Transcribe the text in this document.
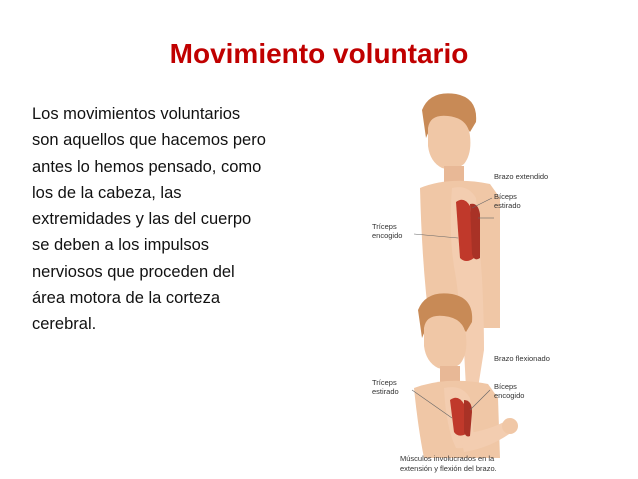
Movimiento voluntario
Los movimientos voluntarios
son aquellos que hacemos pero
antes lo hemos pensado, como
los de la cabeza, las
extremidades y las del cuerpo
se deben a los impulsos
nerviosos que proceden del
área motora de la corteza
cerebral.
Brazo extendido
Bíceps
estirado
Tríceps
encogido
Brazo flexionado
Tríceps
estirado
Bíceps
encogido
Músculos involucrados en la
extensión y flexión del brazo.
